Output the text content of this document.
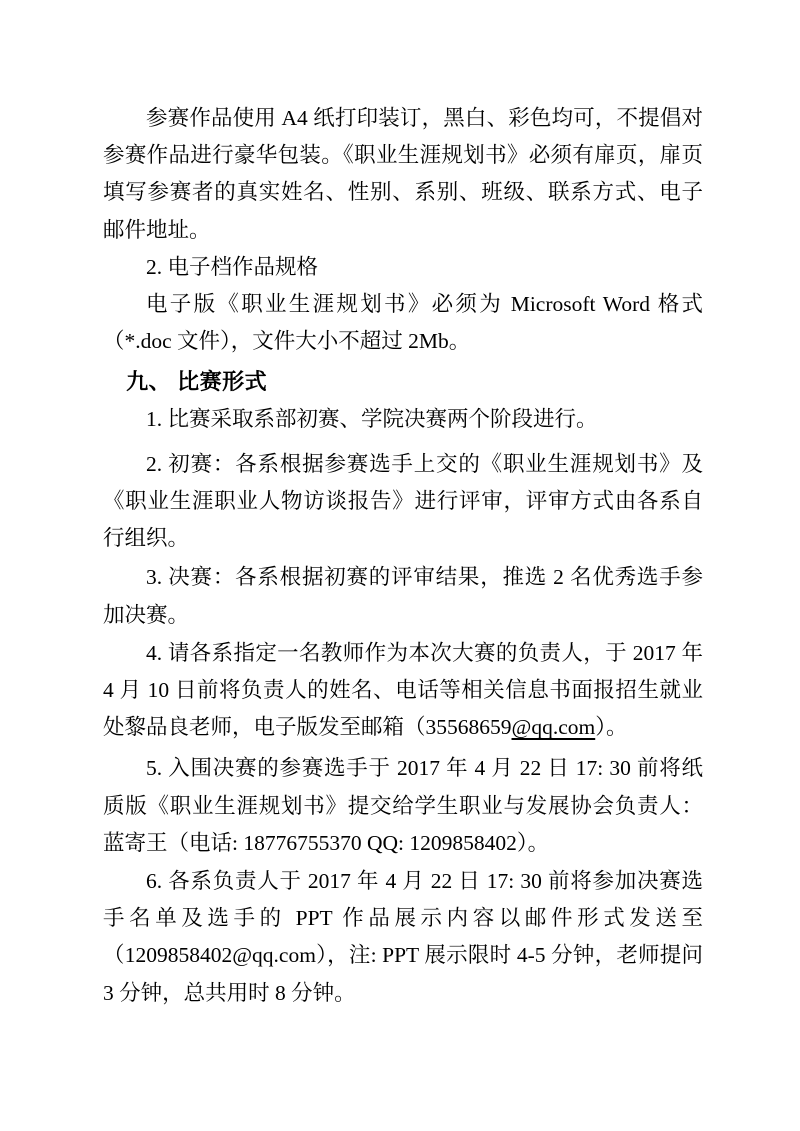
参赛作品使用 A4 纸打印装订，黑白、彩色均可，不提倡对参赛作品进行豪华包装。《职业生涯规划书》必须有扉页，扉页填写参赛者的真实姓名、性别、系别、班级、联系方式、电子邮件地址。

2. 电子档作品规格

电子版《职业生涯规划书》必须为 Microsoft Word 格式（*.doc 文件），文件大小不超过 2Mb。

九、 比赛形式

1. 比赛采取系部初赛、学院决赛两个阶段进行。

2. 初赛：各系根据参赛选手上交的《职业生涯规划书》及《职业生涯职业人物访谈报告》进行评审，评审方式由各系自行组织。

3. 决赛：各系根据初赛的评审结果，推选 2 名优秀选手参加决赛。

4. 请各系指定一名教师作为本次大赛的负责人，于 2017 年 4 月 10 日前将负责人的姓名、电话等相关信息书面报招生就业处黎品良老师，电子版发至邮箱（35568659@qq.com）。

5. 入围决赛的参赛选手于 2017 年 4 月 22 日 17: 30 前将纸质版《职业生涯规划书》提交给学生职业与发展协会负责人：蓝寄王（电话: 18776755370 QQ: 1209858402）。

6. 各系负责人于 2017 年 4 月 22 日 17: 30 前将参加决赛选手名单及选手的 PPT 作品展示内容以邮件形式发送至（1209858402@qq.com），注: PPT 展示限时 4-5 分钟，老师提问 3 分钟，总共用时 8 分钟。
